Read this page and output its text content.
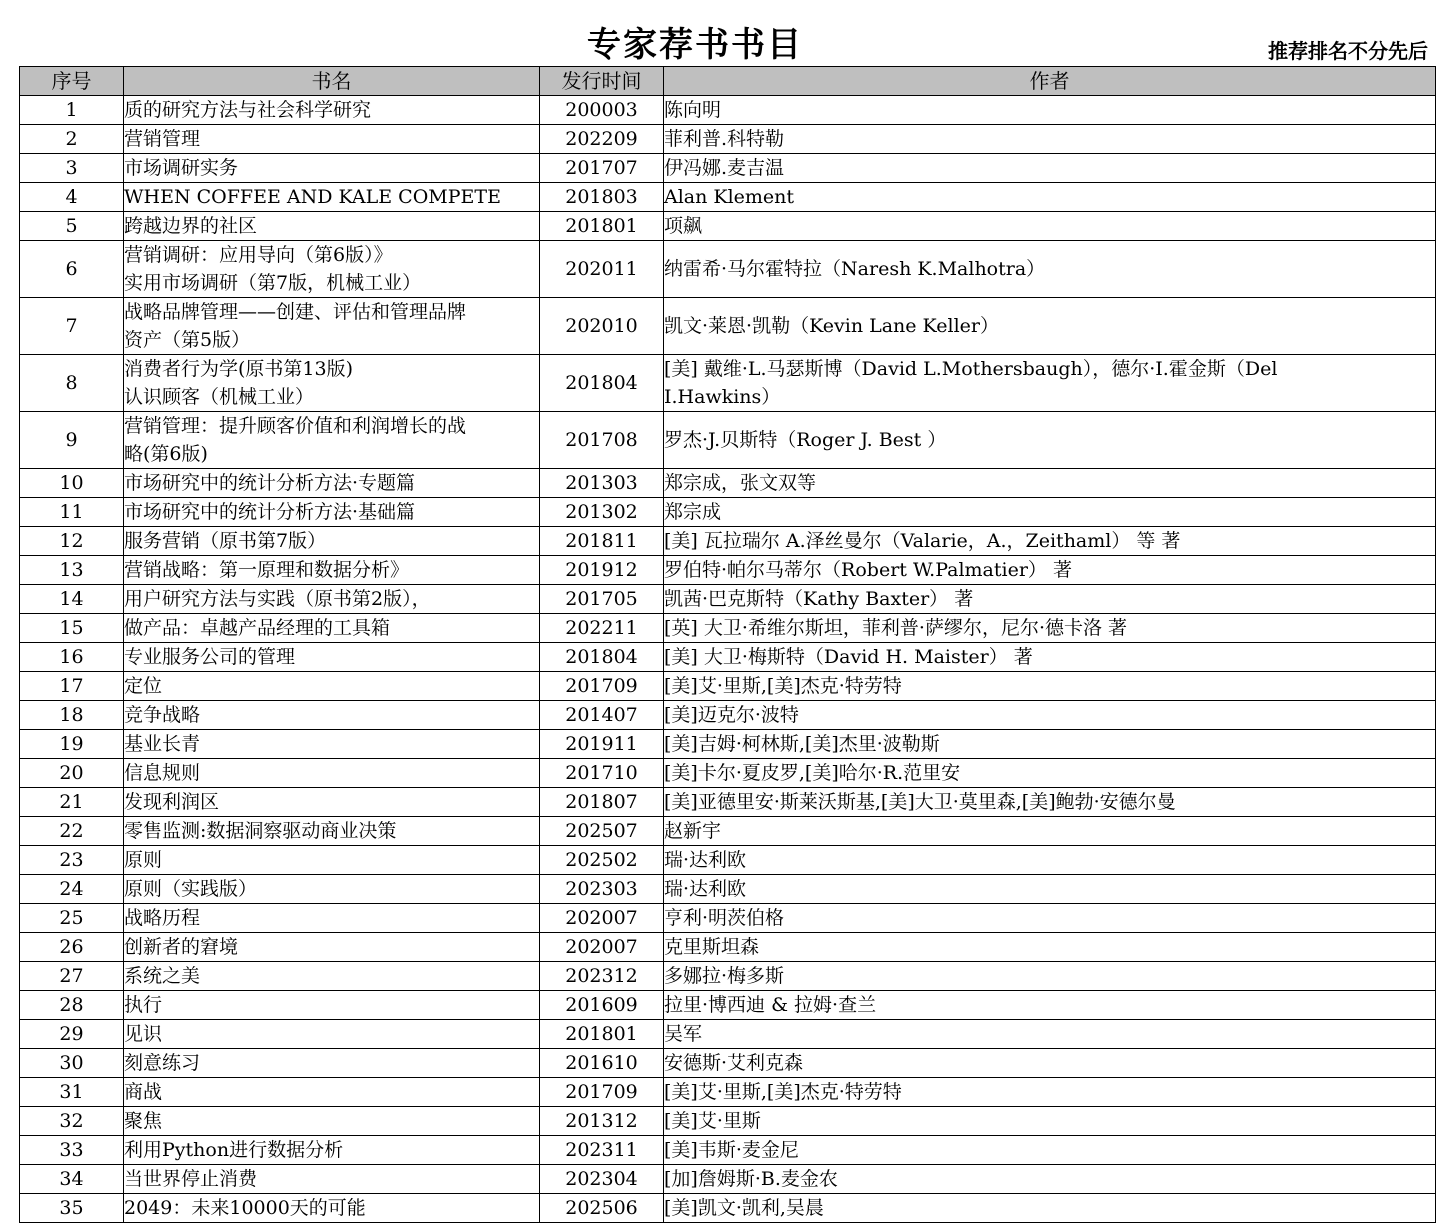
专家荐书书目	推荐排名不分先后
序号	书名	发行时间	作者
1	质的研究方法与社会科学研究	200003	陈向明

2	营销管理	202209	菲利普.科特勒

3	市场调研实务	201707	伊冯娜.麦吉温

4	WHEN COFFEE AND KALE COMPETE	201803	Alan Klement

5	跨越边界的社区	201801	项飙

6	营销调研：应用导向（第6版）》
实用市场调研（第7版，机械工业）	202011	纳雷希·马尔霍特拉（Naresh K.Malhotra）

7	战略品牌管理——创建、评估和管理品牌
资产（第5版）	202010	凯文·莱恩·凯勒（Kevin Lane Keller）

8	消费者行为学(原书第13版)
认识顾客（机械工业）	201804	[美] 戴维·L.马瑟斯博（David L.Mothersbaugh），德尔·I.霍金斯（Del
I.Hawkins）

9	营销管理：提升顾客价值和利润增长的战
略(第6版)	201708	罗杰·J.贝斯特（Roger J. Best ）

10	市场研究中的统计分析方法·专题篇	201303	郑宗成，张文双等

11	市场研究中的统计分析方法·基础篇	201302	郑宗成

12	服务营销（原书第7版）	201811	[美] 瓦拉瑞尔 A.泽丝曼尔（Valarie，A.，Zeithaml） 等 著

13	营销战略：第一原理和数据分析》	201912	罗伯特·帕尔马蒂尔（Robert W.Palmatier） 著

14	用户研究方法与实践（原书第2版），	201705	凯茜·巴克斯特（Kathy Baxter） 著

15	做产品：卓越产品经理的工具箱	202211	[英] 大卫·希维尔斯坦，菲利普·萨缪尔，尼尔·德卡洛 著

16	专业服务公司的管理	201804	[美] 大卫·梅斯特（David H. Maister） 著

17	定位	201709	[美]艾·里斯,[美]杰克·特劳特

18	竞争战略	201407	[美]迈克尔·波特

19	基业长青	201911	[美]吉姆·柯林斯,[美]杰里·波勒斯

20	信息规则	201710	[美]卡尔·夏皮罗,[美]哈尔·R.范里安

21	发现利润区	201807	[美]亚德里安·斯莱沃斯基,[美]大卫·莫里森,[美]鲍勃·安德尔曼

22	零售监测:数据洞察驱动商业决策	202507	赵新宇

23	原则	202502	瑞·达利欧

24	原则（实践版）	202303	瑞·达利欧

25	战略历程	202007	亨利·明茨伯格

26	创新者的窘境	202007	克里斯坦森

27	系统之美	202312	多娜拉·梅多斯

28	执行	201609	拉里·博西迪 & 拉姆·查兰

29	见识	201801	吴军

30	刻意练习	201610	安德斯·艾利克森

31	商战	201709	[美]艾·里斯,[美]杰克·特劳特

32	聚焦	201312	[美]艾·里斯

33	利用Python进行数据分析	202311	[美]韦斯·麦金尼

34	当世界停止消费	202304	[加]詹姆斯·B.麦金农

35	2049：未来10000天的可能	202506	[美]凯文·凯利,吴晨
